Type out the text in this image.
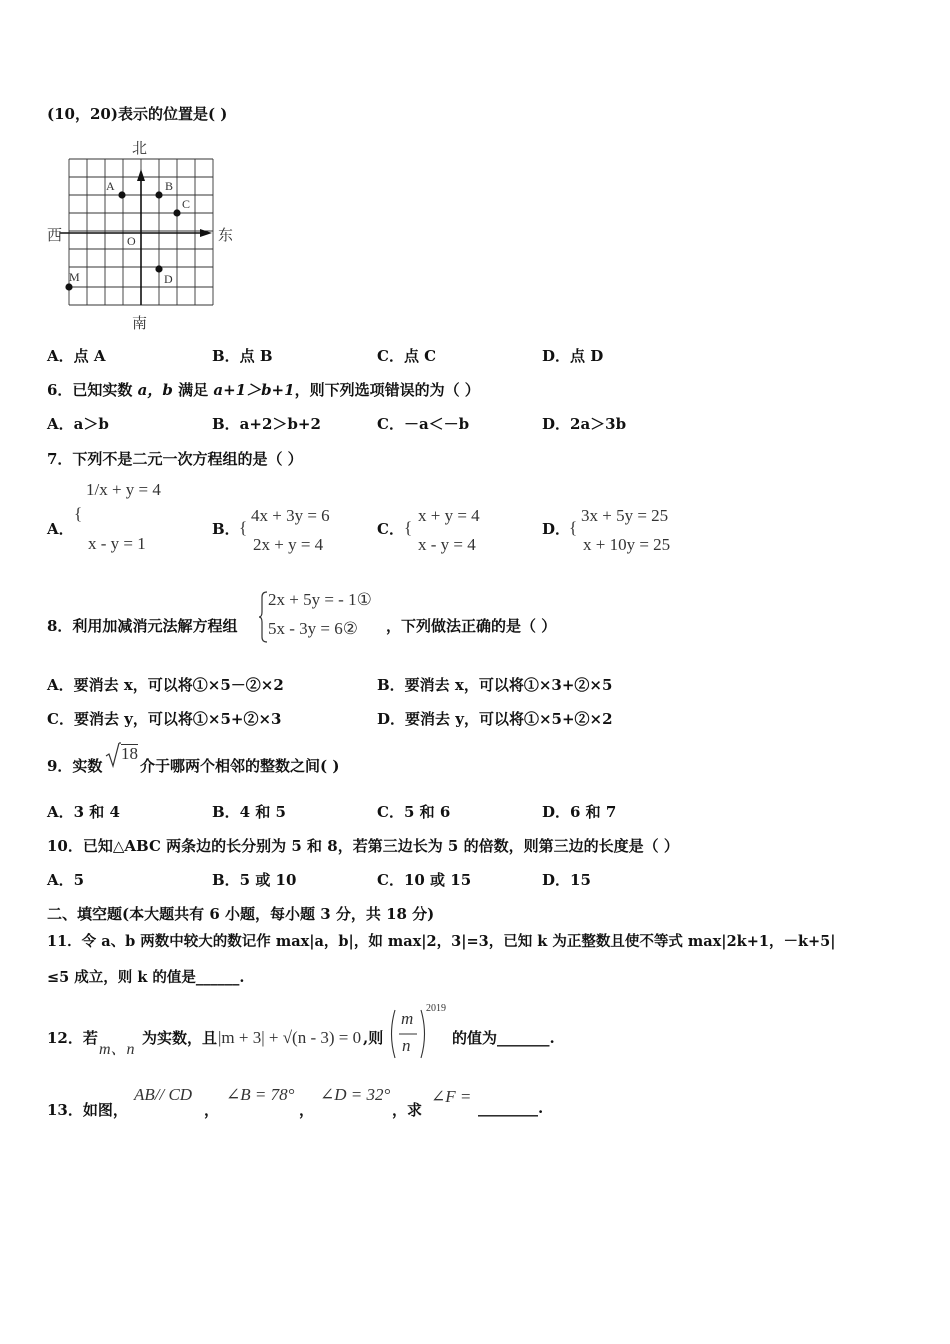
(10，20)表示的位置是( )
北
南
西	东
O
A	B
C
D
M
A．点 A	B．点 B	C．点 C	D．点 D
6．已知实数 a，b 满足 a+1＞b+1，则下列选项错误的为（ ）
A．a＞b	B．a+2＞b+2	C．－a＜－b	D．2a＞3b
7．下列不是二元一次方程组的是（ ）
A．
{
1/x + y = 4
x - y = 1
B． {
4x + 3y = 6
2x + y = 4
C． {
x + y = 4
x - y = 4
D．
{
3x + 5y = 25
x + 10y = 25
8．利用加减消元法解方程组
2x + 5y = - 1①
5x - 3y = 6② ，下列做法正确的是（ ）
A．要消去 x，可以将①×5－②×2	B．要消去 x，可以将①×3+②×5
C．要消去 y，可以将①×5+②×3	D．要消去 y，可以将①×5+②×2
9．实数
18
介于哪两个相邻的整数之间( )
A．3 和 4	B．4 和 5	C．5 和 6	D．6 和 7
10．已知△ABC 两条边的长分别为 5 和 8，若第三边长为 5 的倍数，则第三边的长度是（ ）
A．5	B．5 或 10	C．10 或 15	D．15
二、填空题(本大题共有 6 小题，每小题 3 分，共 18 分)
11．令 a、b 两数中较大的数记作 max|a，b|，如 max|2，3|=3，已知 k 为正整数且使不等式 max|2k+1，－k+5|
≤5 成立，则 k 的值是______.
12．若
m、n
为实数，且 |m + 3| + √(n - 3) = 0 ,则
m
n
2019
的值为_______.
13．如图，
AB// CD
，
∠B = 78°
，
∠D = 32°
，求
∠F =
________.
